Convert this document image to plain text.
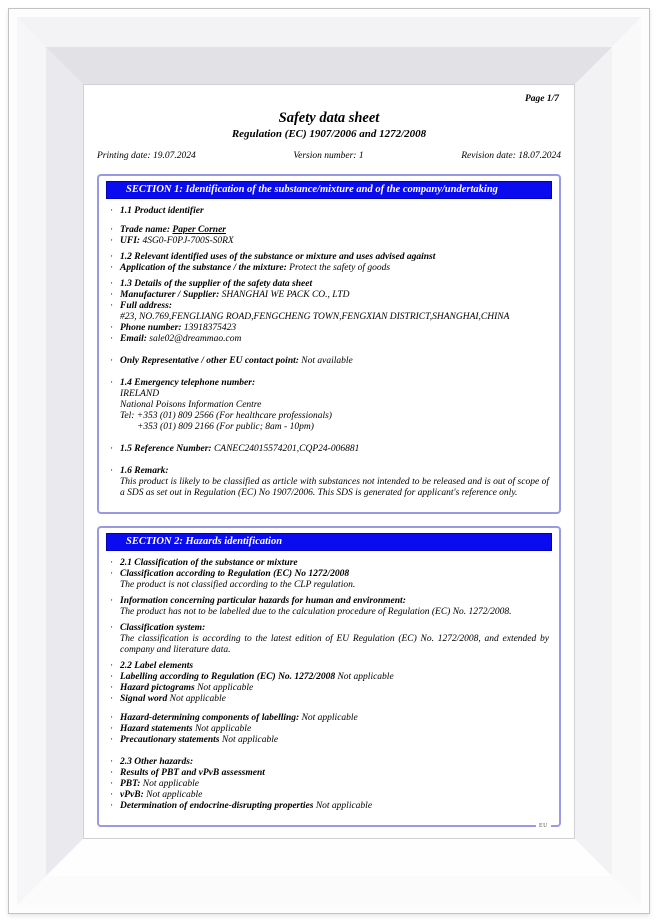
Page 1/7
Safety data sheet
Regulation (EC) 1907/2006 and 1272/2008
Printing date: 19.07.2024	Version number: 1	Revision date: 18.07.2024
SECTION 1: Identification of the substance/mixture and of the company/undertaking
· 1.1 Product identifier
· Trade name: Paper Corner
· UFI: 4SG0-F0PJ-700S-S0RX
· 1.2 Relevant identified uses of the substance or mixture and uses advised against
· Application of the substance / the mixture: Protect the safety of goods
· 1.3 Details of the supplier of the safety data sheet
· Manufacturer / Supplier: SHANGHAI WE PACK CO., LTD
· Full address:
#23, NO.769,FENGLIANG ROAD,FENGCHENG TOWN,FENGXIAN DISTRICT,SHANGHAI,CHINA
· Phone number: 13918375423
· Email: sale02@dreammao.com
· Only Representative / other EU contact point: Not available
· 1.4 Emergency telephone number:
IRELAND
National Poisons Information Centre
Tel: +353 (01) 809 2566 (For healthcare professionals)
+353 (01) 809 2166 (For public; 8am - 10pm)
· 1.5 Reference Number: CANEC24015574201,CQP24-006881
· 1.6 Remark:
This product is likely to be classified as article with substances not intended to be released and is out of scope of a SDS as set out in Regulation (EC) No 1907/2006. This SDS is generated for applicant's reference only.
SECTION 2: Hazards identification
· 2.1 Classification of the substance or mixture
· Classification according to Regulation (EC) No 1272/2008
The product is not classified according to the CLP regulation.
· Information concerning particular hazards for human and environment:
The product has not to be labelled due to the calculation procedure of Regulation (EC) No. 1272/2008.
· Classification system:
The classification is according to the latest edition of EU Regulation (EC) No. 1272/2008, and extended by company and literature data.
· 2.2 Label elements
· Labelling according to Regulation (EC) No. 1272/2008 Not applicable
· Hazard pictograms Not applicable
· Signal word Not applicable
· Hazard-determining components of labelling: Not applicable
· Hazard statements Not applicable
· Precautionary statements Not applicable
· 2.3 Other hazards:
· Results of PBT and vPvB assessment
· PBT: Not applicable
· vPvB: Not applicable
· Determination of endocrine-disrupting properties Not applicable
EU
